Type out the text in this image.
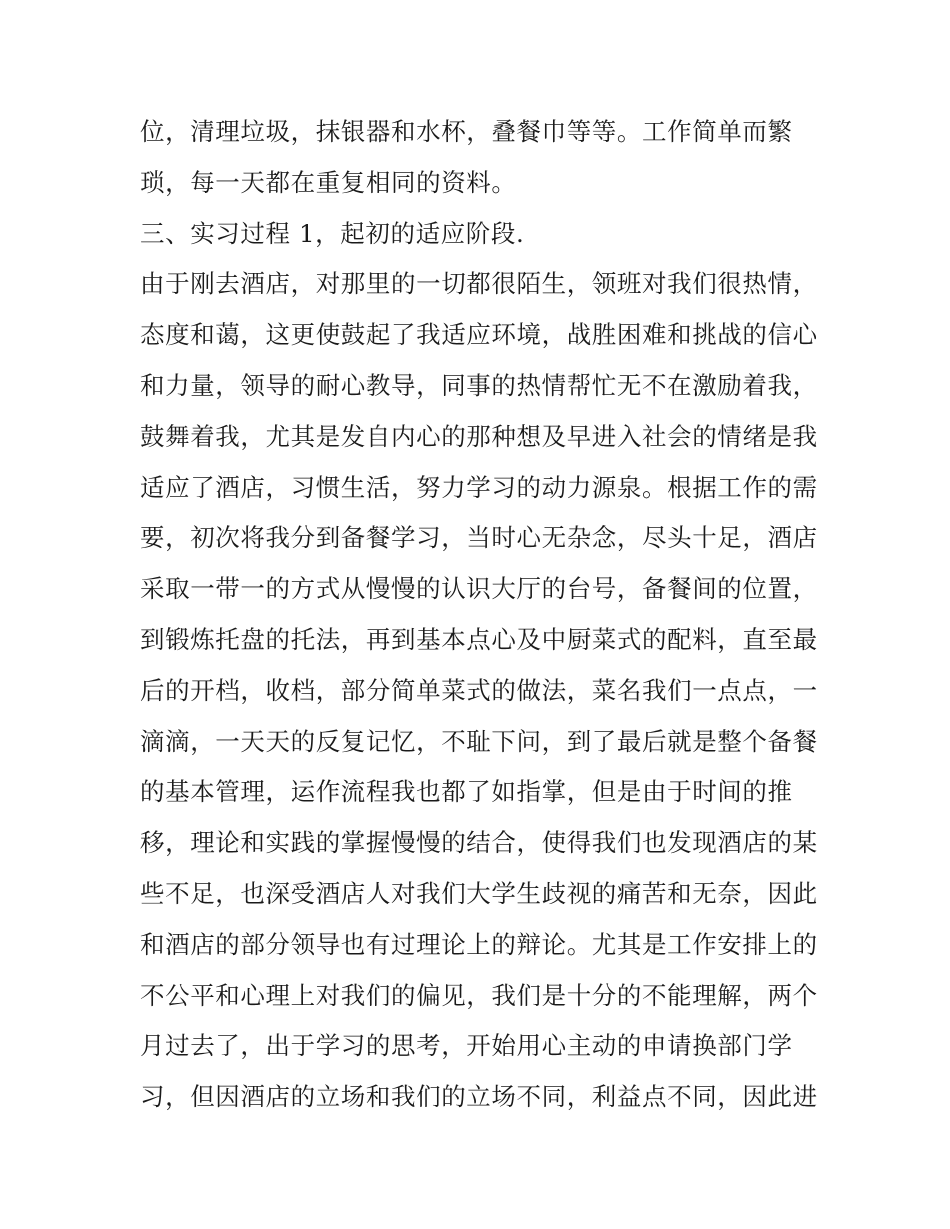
位，清理垃圾，抹银器和水杯，叠餐巾等等。工作简单而繁
琐，每一天都在重复相同的资料。
三、实习过程 1，起初的适应阶段.
由于刚去酒店，对那里的一切都很陌生，领班对我们很热情，
态度和蔼，这更使鼓起了我适应环境，战胜困难和挑战的信心
和力量，领导的耐心教导，同事的热情帮忙无不在激励着我，
鼓舞着我，尤其是发自内心的那种想及早进入社会的情绪是我
适应了酒店，习惯生活，努力学习的动力源泉。根据工作的需
要，初次将我分到备餐学习，当时心无杂念，尽头十足，酒店
采取一带一的方式从慢慢的认识大厅的台号，备餐间的位置，
到锻炼托盘的托法，再到基本点心及中厨菜式的配料，直至最
后的开档，收档，部分简单菜式的做法，菜名我们一点点，一
滴滴，一天天的反复记忆，不耻下问，到了最后就是整个备餐
的基本管理，运作流程我也都了如指掌，但是由于时间的推
移，理论和实践的掌握慢慢的结合，使得我们也发现酒店的某
些不足，也深受酒店人对我们大学生歧视的痛苦和无奈，因此
和酒店的部分领导也有过理论上的辩论。尤其是工作安排上的
不公平和心理上对我们的偏见，我们是十分的不能理解，两个
月过去了，出于学习的思考，开始用心主动的申请换部门学
习，但因酒店的立场和我们的立场不同，利益点不同，因此进
